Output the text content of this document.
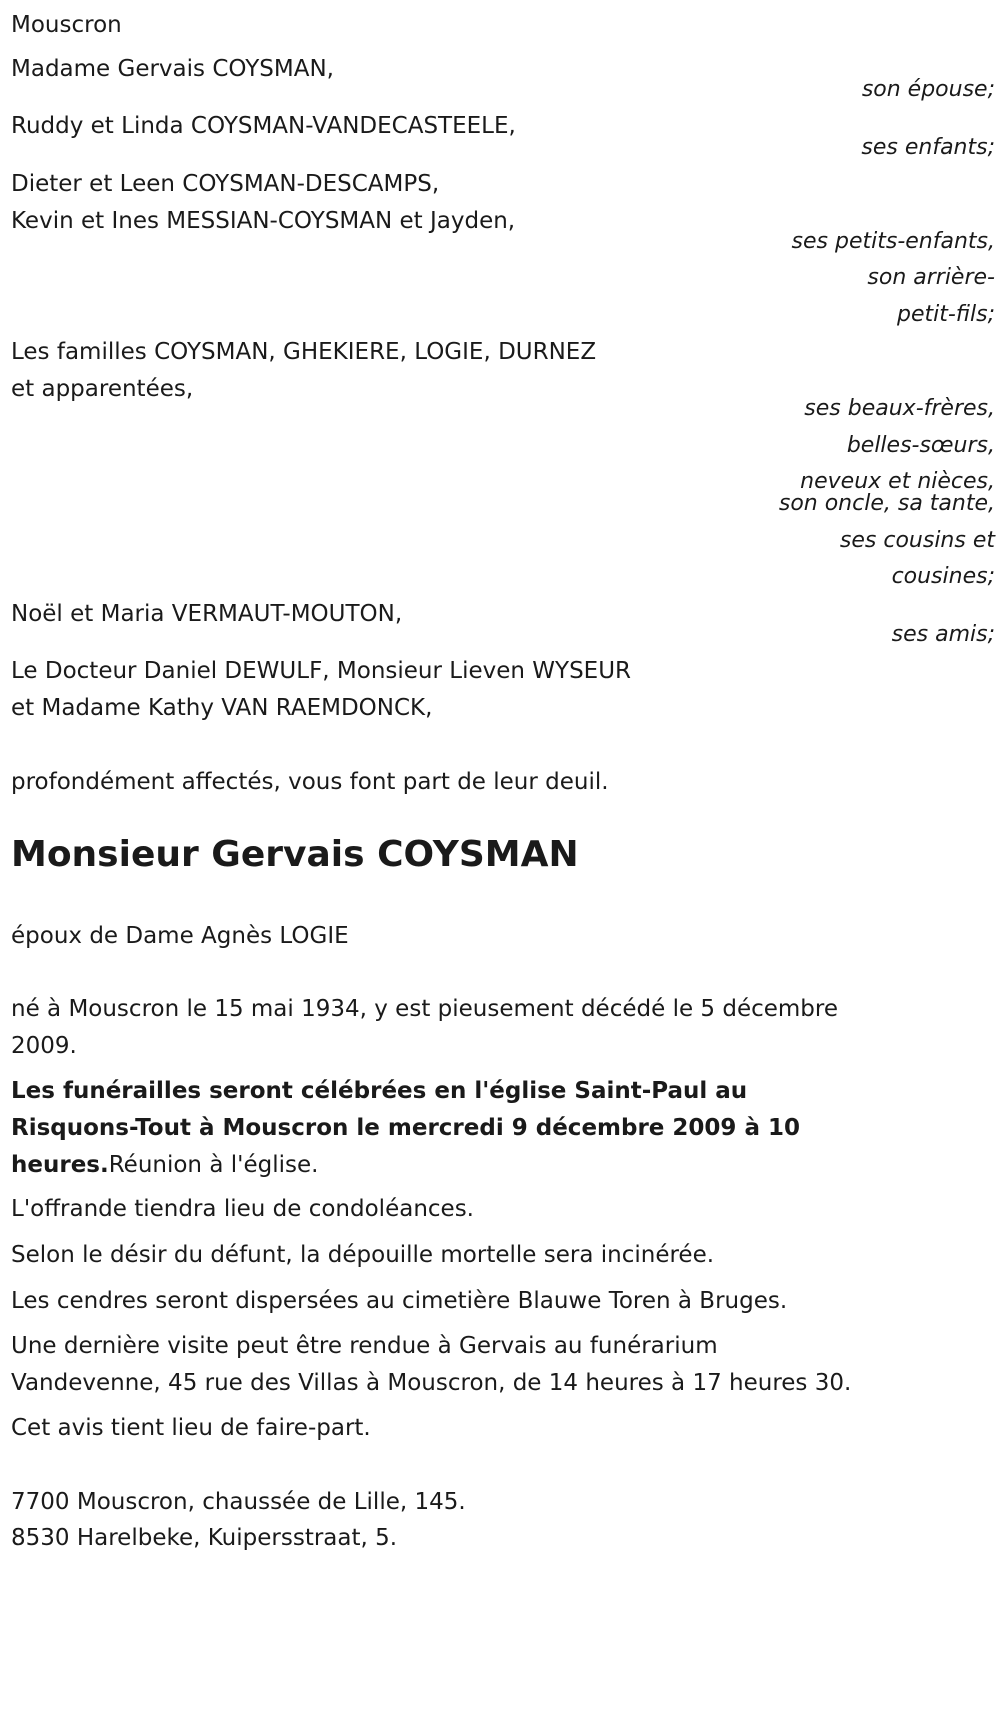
Mouscron
Madame Gervais COYSMAN,
son épouse;
Ruddy et Linda COYSMAN-VANDECASTEELE,
ses enfants;
Dieter et Leen COYSMAN-DESCAMPS,
Kevin et Ines MESSIAN-COYSMAN et Jayden,
ses petits-enfants,
son arrière-
petit-fils;
Les familles COYSMAN, GHEKIERE, LOGIE, DURNEZ
et apparentées,
ses beaux-frères,
belles-sœurs,
neveux et nièces,
son oncle, sa tante,
ses cousins et
cousines;
Noël et Maria VERMAUT-MOUTON,
ses amis;
Le Docteur Daniel DEWULF, Monsieur Lieven WYSEUR
et Madame Kathy VAN RAEMDONCK,
profondément affectés, vous font part de leur deuil.
Monsieur Gervais COYSMAN
époux de Dame Agnès LOGIE
né à Mouscron le 15 mai 1934, y est pieusement décédé le 5 décembre
2009.
Les funérailles seront célébrées en l'église Saint-Paul au
Risquons-Tout à Mouscron le mercredi 9 décembre 2009 à 10
heures.Réunion à l'église.
L'offrande tiendra lieu de condoléances.
Selon le désir du défunt, la dépouille mortelle sera incinérée.
Les cendres seront dispersées au cimetière Blauwe Toren à Bruges.
Une dernière visite peut être rendue à Gervais au funérarium
Vandevenne, 45 rue des Villas à Mouscron, de 14 heures à 17 heures 30.
Cet avis tient lieu de faire-part.
7700 Mouscron, chaussée de Lille, 145.
8530 Harelbeke, Kuipersstraat, 5.
